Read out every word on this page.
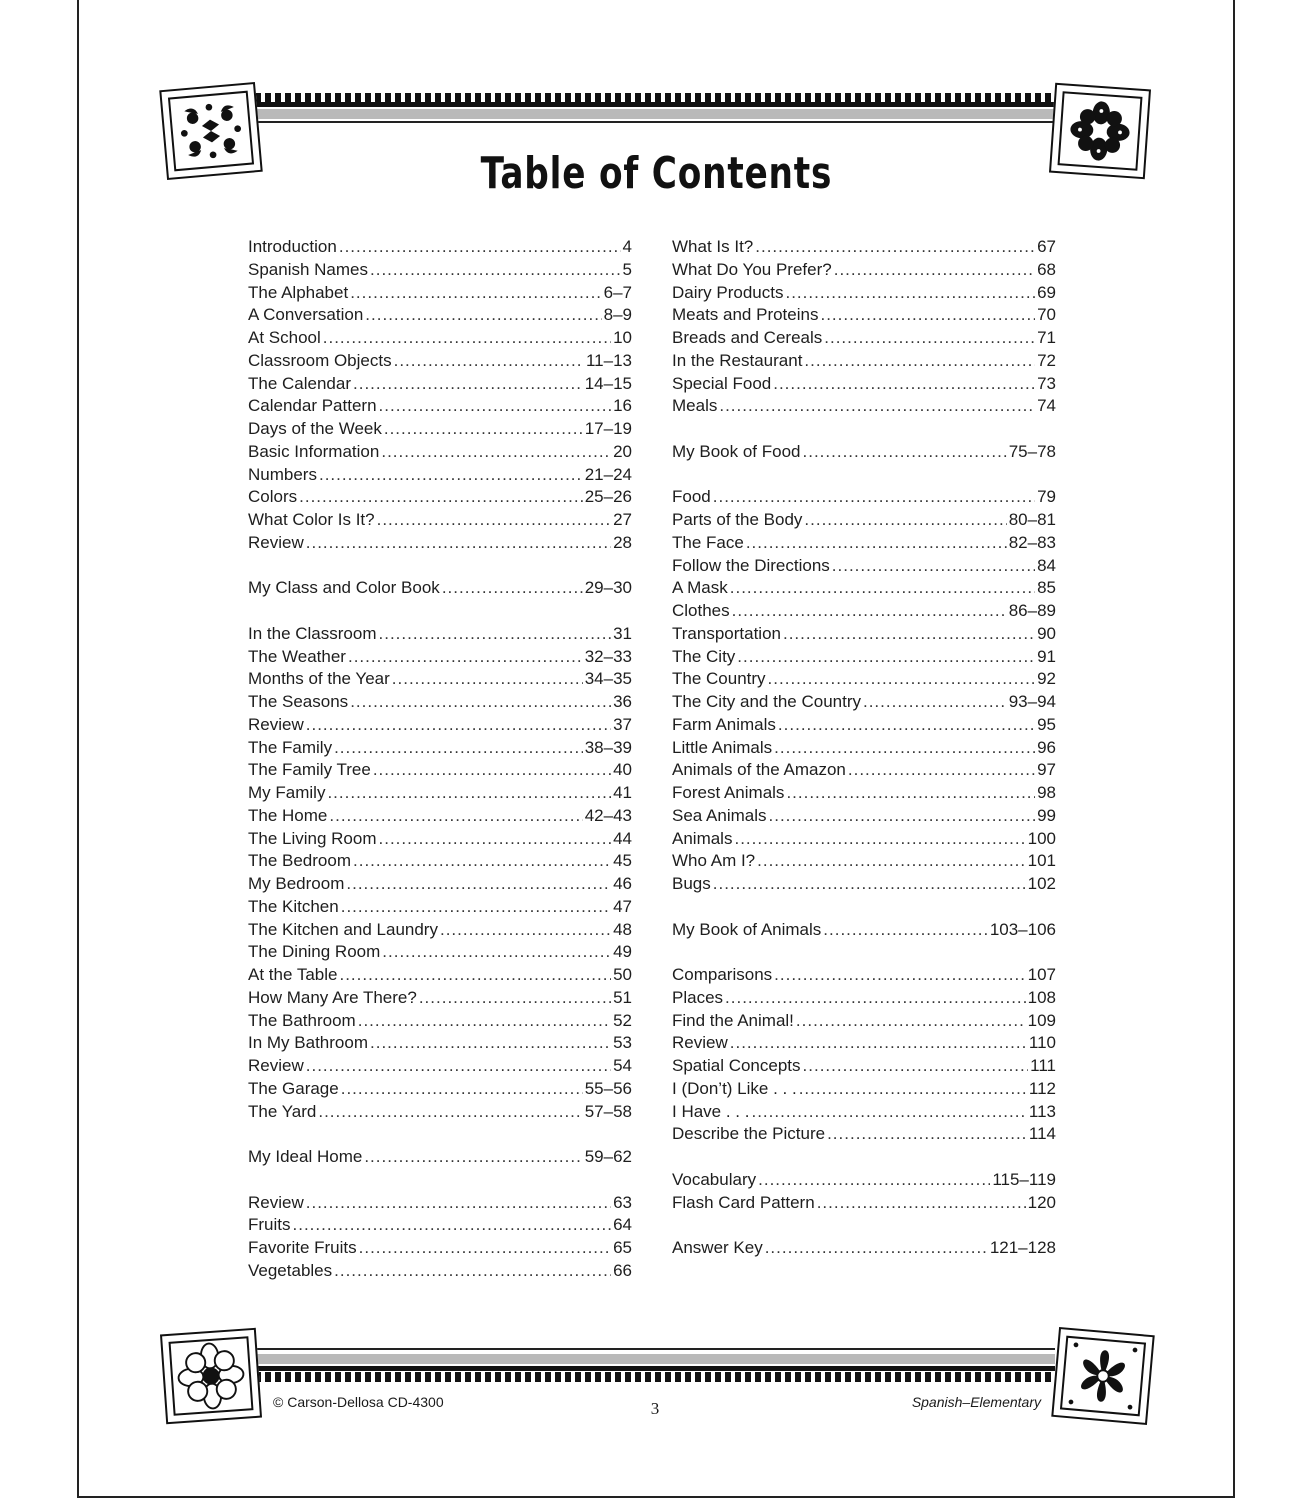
Table of Contents
Introduction .....	4
Spanish Names .....	5
The Alphabet .....	6–7
A Conversation .....	8–9
At School .....	10
Classroom Objects .....	11–13
The Calendar .....	14–15
Calendar Pattern .....	16
Days of the Week .....	17–19
Basic Information .....	20
Numbers .....	21–24
Colors .....	25–26
What Color Is It? .....	27
Review .....	28
My Class and Color Book .....	29–30
In the Classroom .....	31
The Weather .....	32–33
Months of the Year .....	34–35
The Seasons .....	36
Review .....	37
The Family .....	38–39
The Family Tree .....	40
My Family .....	41
The Home .....	42–43
The Living Room .....	44
The Bedroom .....	45
My Bedroom .....	46
The Kitchen .....	47
The Kitchen and Laundry .....	48
The Dining Room .....	49
At the Table .....	50
How Many Are There? .....	51
The Bathroom .....	52
In My Bathroom .....	53
Review .....	54
The Garage .....	55–56
The Yard .....	57–58
My Ideal Home .....	59–62
Review .....	63
Fruits .....	64
Favorite Fruits .....	65
Vegetables .....	66
What Is It? .....	67
What Do You Prefer? .....	68
Dairy Products .....	69
Meats and Proteins .....	70
Breads and Cereals .....	71
In the Restaurant .....	72
Special Food .....	73
Meals .....	74
My Book of Food .....	75–78
Food .....	79
Parts of the Body .....	80–81
The Face .....	82–83
Follow the Directions .....	84
A Mask .....	85
Clothes .....	86–89
Transportation .....	90
The City .....	91
The Country .....	92
The City and the Country .....	93–94
Farm Animals .....	95
Little Animals .....	96
Animals of the Amazon .....	97
Forest Animals .....	98
Sea Animals .....	99
Animals .....	100
Who Am I? .....	101
Bugs .....	102
My Book of Animals .....	103–106
Comparisons .....	107
Places .....	108
Find the Animal! .....	109
Review .....	110
Spatial Concepts .....	111
I (Don’t) Like . . . .....	112
I Have . . . .....	113
Describe the Picture .....	114
Vocabulary .....	115–119
Flash Card Pattern .....	120
Answer Key .....	121–128
© Carson-Dellosa CD-4300	3	Spanish–Elementary
